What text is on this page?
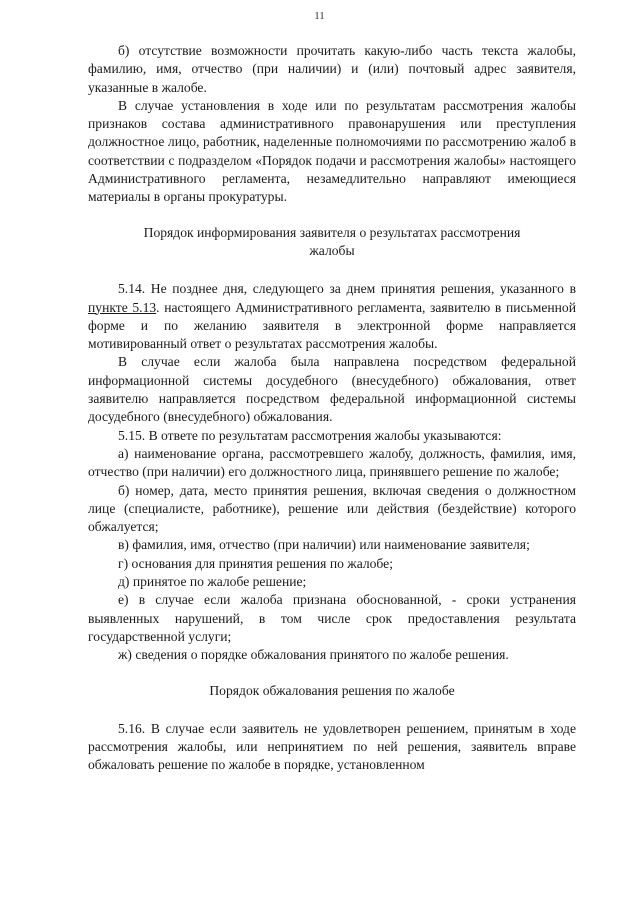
11

б) отсутствие возможности прочитать какую-либо часть текста жалобы, фамилию, имя, отчество (при наличии) и (или) почтовый адрес заявителя, указанные в жалобе.

В случае установления в ходе или по результатам рассмотрения жалобы признаков состава административного правонарушения или преступления должностное лицо, работник, наделенные полномочиями по рассмотрению жалоб в соответствии с подразделом «Порядок подачи и рассмотрения жалобы» настоящего Административного регламента, незамедлительно направляют имеющиеся материалы в органы прокуратуры.

Порядок информирования заявителя о результатах рассмотрения
жалобы

5.14. Не позднее дня, следующего за днем принятия решения, указанного в пункте 5.13. настоящего Административного регламента, заявителю в письменной форме и по желанию заявителя в электронной форме направляется мотивированный ответ о результатах рассмотрения жалобы.

В случае если жалоба была направлена посредством федеральной информационной системы досудебного (внесудебного) обжалования, ответ заявителю направляется посредством федеральной информационной системы досудебного (внесудебного) обжалования.

5.15. В ответе по результатам рассмотрения жалобы указываются:

а) наименование органа, рассмотревшего жалобу, должность, фамилия, имя, отчество (при наличии) его должностного лица, принявшего решение по жалобе;

б) номер, дата, место принятия решения, включая сведения о должностном лице (специалисте, работнике), решение или действия (бездействие) которого обжалуется;

в) фамилия, имя, отчество (при наличии) или наименование заявителя;

г) основания для принятия решения по жалобе;

д) принятое по жалобе решение;

е) в случае если жалоба признана обоснованной, - сроки устранения выявленных нарушений, в том числе срок предоставления результата государственной услуги;

ж) сведения о порядке обжалования принятого по жалобе решения.

Порядок обжалования решения по жалобе

5.16. В случае если заявитель не удовлетворен решением, принятым в ходе рассмотрения жалобы, или непринятием по ней решения, заявитель вправе обжаловать решение по жалобе в порядке, установленном
